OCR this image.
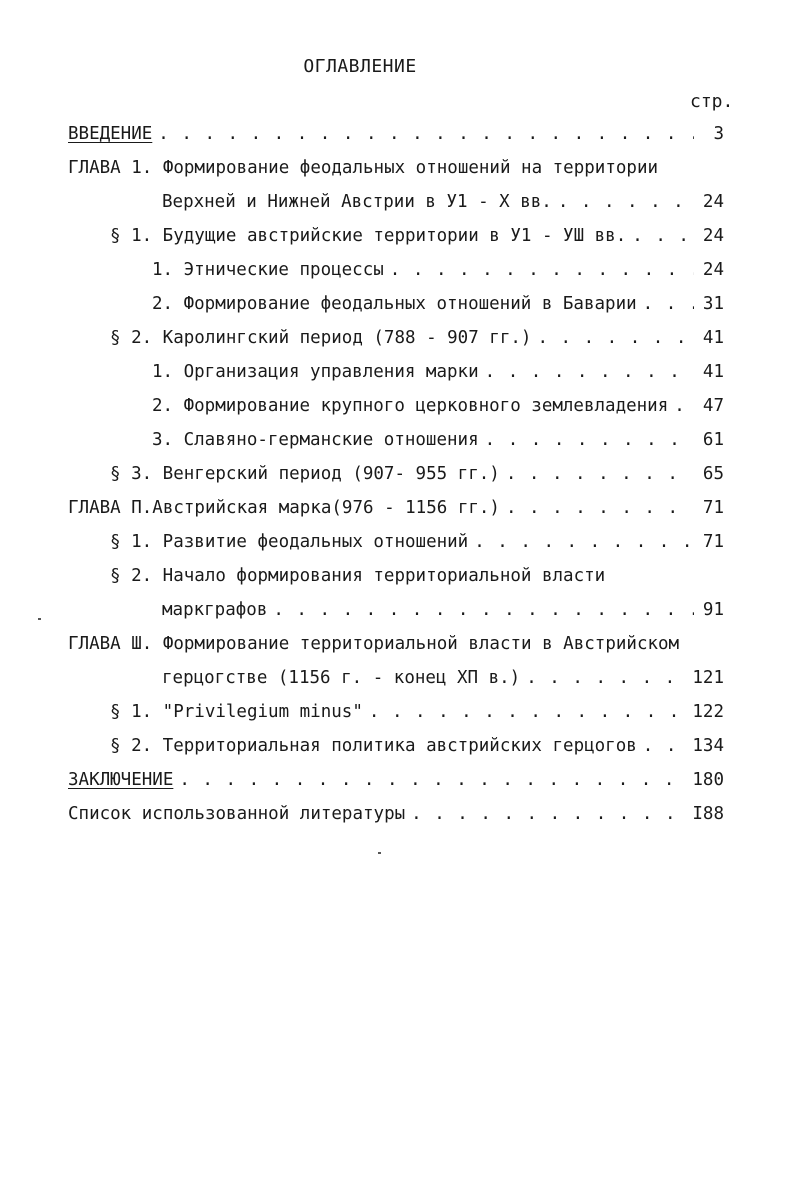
ОГЛАВЛЕНИЕ
стр.
ВВЕДЕНИЕ . . .	3
ГЛАВА 1. Формирование феодальных отношений на территории
Верхней и Нижней Австрии в У1 - Х вв. . . .	24
§ 1. Будущие австрийские территории в У1 - УШ вв. . . .	24
1. Этнические процессы . . .	24
2. Формирование феодальных отношений в Баварии . . .	31
§ 2. Каролингский период (788 - 907 гг.) . . .	41
1. Организация управления марки . . .	41
2. Формирование крупного церковного землевладения . . . 47
3. Славяно-германские отношения . . .	61
§ 3. Венгерский период (907- 955 гг.) . . .	65
ГЛАВА П.Австрийская марка(976 - 1156 гг.) . . .	71
§ 1. Развитие феодальных отношений . . .	71
§ 2. Начало формирования территориальной власти
маркграфов . . .	91
ГЛАВА Ш. Формирование территориальной власти в Австрийском
герцогстве (1156 г. - конец XП в.) . . .	121
§ 1. "Privilegium minus" . . .	122
§ 2. Территориальная политика австрийских герцогов . . .	134
ЗАКЛЮЧЕНИЕ . . .	180
Список использованной литературы . . .	I88
